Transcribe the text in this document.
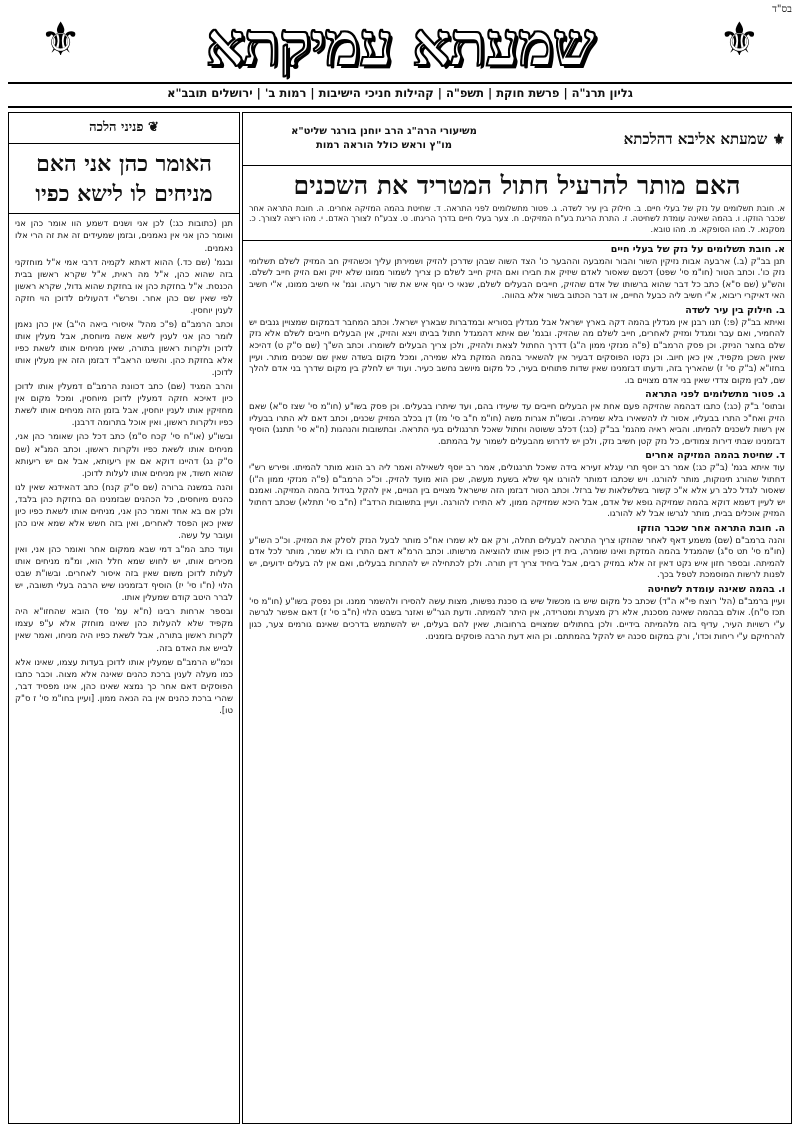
בס"ד
⚜ שמעתא עמיקתא	⚜
גליון תרנ"ה | פרשת חוקת | תשפ"ה | קהילות חניכי הישיבות | רמות ב' | ירושלים תובב"א
⚜ שמעתא אליבא דהלכתא
משיעורי הרה"ג הרב יוחנן בורגר שליט"א
מו"ץ וראש כולל הוראה רמות
האם מותר להרעיל חתול המטריד את השכנים
א. חובת תשלומים על נזק של בעלי חיים. ב. חילוק בין עיר לשדה. ג. פטור מתשלומים לפני התראה. ד. שחיטת בהמה המזיקה אחרים. ה. חובת התראה אחר שכבר הוזקו. ו. בהמה שאינה עומדת לשחיטה. ז. התרת הריגת בע"ח המזיקים. ח. צער בעלי חיים בדרך הריגתו. ט. צבע"ח לצורך האדם. י. מהו ריצה לצורך. כ. מסקנא. ל. מהו הסופקא. מ. מהו טובא.

א. חובת תשלומים על נזק של בעלי חיים
תנן בב"ק (ב.) ארבעה אבות נזיקין השור והבור והמבעה וההבער כו' הצד השוה שבהן שדרכן להזיק ושמירתן עליך וכשהזיק חב המזיק לשלם תשלומי נזק כו'. וכתב הטור (חו"מ סי' שפט) דכשם שאסור לאדם שיזיק את חבירו ואם הזיק חייב לשלם כן צריך לשמור ממונו שלא יזיק ואם הזיק חייב לשלם. והש"ע (שם ס"א) כתב כל דבר שהוא ברשותו של אדם שהזיק, חייבים הבעלים לשלם, שנאי כי יגוף איש את שור רעהו. וגמ' אי חשיב ממונו, א"י חשיב האי דאיקרי ריבוא, א"י חשיב ליה כבעל החיים, או דבר הכתוב בשור אלא בהווה.

ב. חילוק בין עיר לשדה
ואיתא בב"ק (פ:) תנו רבנן אין מגדלין בהמה דקה בארץ ישראל אבל מגדלין בסוריא ובמדברות שבארץ ישראל. וכתב המחבר דבמקום שמצויין גנבים יש להחמיר, ואם עבר ומגדל ומזיק לאחרים, חייב לשלם מה שהזיק. ובגמ' שם איתא דהמגדל חתול בביתו ויצא והזיק, אין הבעלים חייבים לשלם אלא נזק שלם בחצר הניזק. וכן פסק הרמב"ם (פ"ה מנזקי ממון ה"ג) דדרך החתול לצאת ולהזיק, ולכן צריך הבעלים לשומרו. וכתב הש"ך (שם ס"ק ט) דהיכא שאין השכן מקפיד, אין כאן חיוב. וכן נקטו הפוסקים דבעיר אין להשאיר בהמה המזקת בלא שמירה, ומכל מקום בשדה שאין שם שכנים מותר. ועיין בחזו"א (ב"ק סי' ז) שהאריך בזה, ודעתו דבזמנינו שאין שדות פתוחים בעיר, כל מקום מיושב נחשב כעיר. ועוד יש לחלק בין מקום שדרך בני אדם להלך שם, לבין מקום צדדי שאין בני אדם מצויים בו.

ג. פטור מתשלומים לפני התראה
ובתוס' ב"ק (כג:) כתבו דבהמה שהזיקה פעם אחת אין הבעלים חייבים עד שיעידו בהם, ועד שיתרו בבעלים. וכן פסק בשו"ע (חו"מ סי' שצז ס"א) שאם הזיק ואח"כ התרו בבעליו, אסור לו להשאירו בלא שמירה. ובשו"ת אגרות משה (חו"מ ח"ב סי' מז) דן בכלב המזיק שכנים, וכתב דאם לא התרו בבעליו אין רשות לשכנים להמיתו. והביא ראיה מהגמ' בב"ק (כג:) דכלב ששוטה וחתול שאכל תרנגולים בעי התראה. ובתשובות והנהגות (ח"א סי' תתנג) הוסיף דבזמנינו שבתי דירות צמודים, כל נזק קטן חשיב נזק, ולכן יש לדרוש מהבעלים לשמור על בהמתם.

ד. שחיטת בהמה המזיקה אחרים
עוד איתא בגמ' (ב"ק כג:) אמר רב יוסף תרי עגלא זעירא בידה שאכל תרנגולים, אמר רב יוסף לשאילה ואמר ליה רב הונא מותר להמיתו. ופירש רש"י דחתול שהורג תינוקות, מותר להורגו. ויש שכתבו דמותר להורגו אף שלא בשעת מעשה, שכן הוא מועד להזיק. וכ"כ הרמב"ם (פ"ה מנזקי ממון ה"ו) שאסור לגדל כלב רע אלא א"כ קשור בשלשלאות של ברזל. וכתב הטור דבזמן הזה שישראל מצויים בין הגויים, אין להקל בגידול בהמה המזיקה. ואמנם יש לעיין דשמא דוקא בהמה שמזיקה גופא של אדם, אבל היכא שמזיקה ממון, לא התירו להורגה. ועיין בתשובות הרדב"ז (ח"ב סי' תתלא) שכתב דחתול המזיק אוכלים בבית, מותר לגרשו אבל לא להורגו.

ה. חובת התראה אחר שכבר הוזקו
והנה ברמב"ם (שם) משמע דאף לאחר שהוזקו צריך התראה לבעלים תחלה, ורק אם לא שמרו אח"כ מותר לבעל הנזק לסלק את המזיק. וכ"כ השו"ע (חו"מ סי' תט ס"ג) שהמגדל בהמה המזקת ואינו שומרה, בית דין כופין אותו להוציאה מרשותו. וכתב הרמ"א דאם התרו בו ולא שמר, מותר לכל אדם להמיתה. ובספר חזון איש נקט דאין זה אלא במזיק רבים, אבל ביחיד צריך דין תורה. ולכן לכתחילה יש להתרות בבעלים, ואם אין לה בעלים ידועים, יש לפנות לרשות המוסמכת לטפל בכך.

ו. בהמה שאינה עומדת לשחיטה
ועיין ברמב"ם (הל' רוצח פי"א ה"ד) שכתב כל מקום שיש בו מכשול שיש בו סכנת נפשות, מצות עשה להסירו ולהשמר ממנו. וכן נפסק בשו"ע (חו"מ סי' תכז ס"ח). אולם בבהמה שאינה מסכנת, אלא רק מצערת ומטרידה, אין היתר להמיתה. ודעת הגר"ש ואזנר בשבט הלוי (ח"ב סי' ז) דאם אפשר לגרשה ע"י רשויות העיר, עדיף בזה מלהמיתה בידיים. ולכן בחתולים שמצויים ברחובות, שאין להם בעלים, יש להשתמש בדרכים שאינם גורמים צער, כגון להרחיקם ע"י ריחות וכדו', ורק במקום סכנה יש להקל בהמתתם. וכן הוא דעת הרבה פוסקים בזמנינו.

❦ פניני הלכה
האומר כהן אני האם מניחים לו לישא כפיו

תנן (כתובות כג:) לכן אני ושנים דשמע הוו אומר כהן אני ואומר כהן אני אין נאמנים, ובזמן שמעידים זה את זה הרי אלו נאמנים.

ובגמ' (שם כד.) ההוא דאתא לקמיה דרבי אמי א"ל מוחזקני בזה שהוא כהן, א"ל מה ראית, א"ל שקרא ראשון בבית הכנסת. א"ל בחזקת כהן או בחזקת שהוא גדול, שקרא ראשון לפי שאין שם כהן אחר. ופרש"י דהעולים לדוכן הוי חזקה לענין יוחסין.

וכתב הרמב"ם (פ"כ מהל' איסורי ביאה הי"ב) אין כהן נאמן לומר כהן אני לענין לישא אשה מיוחסת, אבל מעלין אותו לדוכן ולקרות ראשון בתורה, שאין מניחים אותו לשאת כפיו אלא בחזקת כהן. והשיגו הראב"ד דבזמן הזה אין מעלין אותו לדוכן.

והרב המגיד (שם) כתב דכוונת הרמב"ם דמעלין אותו לדוכן כיון דאיכא חזקה דמעלין לדוכן מיוחסין, ומכל מקום אין מחזיקין אותו לענין יוחסין, אבל בזמן הזה מניחים אותו לשאת כפיו ולקרות ראשון, ואין אוכל בתרומה דרבנן.

ובשו"ע (או"ח סי' קכח ס"מ) כתב דכל כהן שאומר כהן אני, מניחים אותו לשאת כפיו ולקרות ראשון. וכתב המג"א (שם ס"ק נג) דהיינו דוקא אם אין ריעותא, אבל אם יש ריעותא שהוא חשוד, אין מניחים אותו לעלות לדוכן.

והנה במשנה ברורה (שם ס"ק קנח) כתב דהאידנא שאין לנו כהנים מיוחסים, כל הכהנים שבזמנינו הם בחזקת כהן בלבד, ולכן אם בא אחד ואמר כהן אני, מניחים אותו לשאת כפיו כיון שאין כאן הפסד לאחרים, ואין בזה חשש אלא שמא אינו כהן ועובר על עשה.

ועוד כתב המ"ב דמי שבא ממקום אחר ואומר כהן אני, ואין מכירים אותו, יש לחוש שמא חלל הוא, ומ"מ מניחים אותו לעלות לדוכן משום שאין בזה איסור לאחרים. ובשו"ת שבט הלוי (ח"ו סי' יז) הוסיף דבזמנינו שיש הרבה בעלי תשובה, יש לברר היטב קודם שמעלין אותו.

ובספר ארחות רבינו (ח"א עמ' סד) הובא שהחזו"א היה מקפיד שלא להעלות כהן שאינו מוחזק אלא ע"פ עצמו לקרות ראשון בתורה, אבל לשאת כפיו היה מניחו, ואמר שאין לבייש את האדם בזה.

וכמ"ש הרמב"ם שמעלין אותו לדוכן בעדות עצמו, שאינו אלא כמו מעלה לענין ברכת כהנים שאינה אלא מצוה. וכבר כתבו הפוסקים דאם אחר כך נמצא שאינו כהן, אינו מפסיד דבר, שהרי ברכת כהנים אין בה הנאה ממון. [ועיין בחו"מ סי' ז ס"ק טו].
